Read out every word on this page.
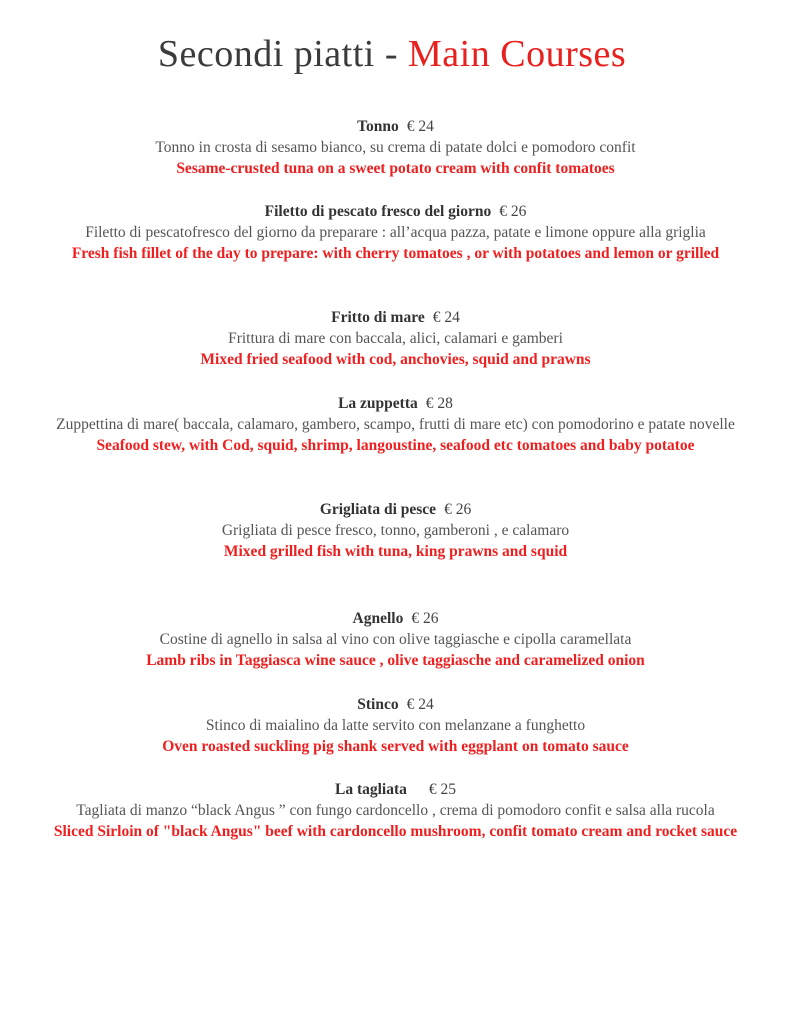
Secondi piatti - Main Courses
Tonno € 24
Tonno in crosta di sesamo bianco, su crema di patate dolci e pomodoro confit
Sesame-crusted tuna on a sweet potato cream with confit tomatoes
Filetto di pescato fresco del giorno € 26
Filetto di pescatofresco del giorno da preparare : all’acqua pazza, patate e limone oppure alla griglia
Fresh fish fillet of the day to prepare: with cherry tomatoes , or with potatoes and lemon or grilled
Fritto di mare € 24
Frittura di mare con baccala, alici, calamari e gamberi
Mixed fried seafood with cod, anchovies, squid and prawns
La zuppetta € 28
Zuppettina di mare( baccala, calamaro, gambero, scampo, frutti di mare etc) con pomodorino e patate novelle
Seafood stew, with Cod, squid, shrimp, langoustine, seafood etc tomatoes and baby potatoe
Grigliata di pesce € 26
Grigliata di pesce fresco, tonno, gamberoni , e calamaro
Mixed grilled fish with tuna, king prawns and squid
Agnello € 26
Costine di agnello in salsa al vino con olive taggiasche e cipolla caramellata
Lamb ribs in Taggiasca wine sauce , olive taggiasche and caramelized onion
Stinco € 24
Stinco di maialino da latte servito con melanzane a funghetto
Oven roasted suckling pig shank served with eggplant on tomato sauce
La tagliata € 25
Tagliata di manzo “black Angus ” con fungo cardoncello , crema di pomodoro confit e salsa alla rucola
Sliced Sirloin of "black Angus" beef with cardoncello mushroom, confit tomato cream and rocket sauce
